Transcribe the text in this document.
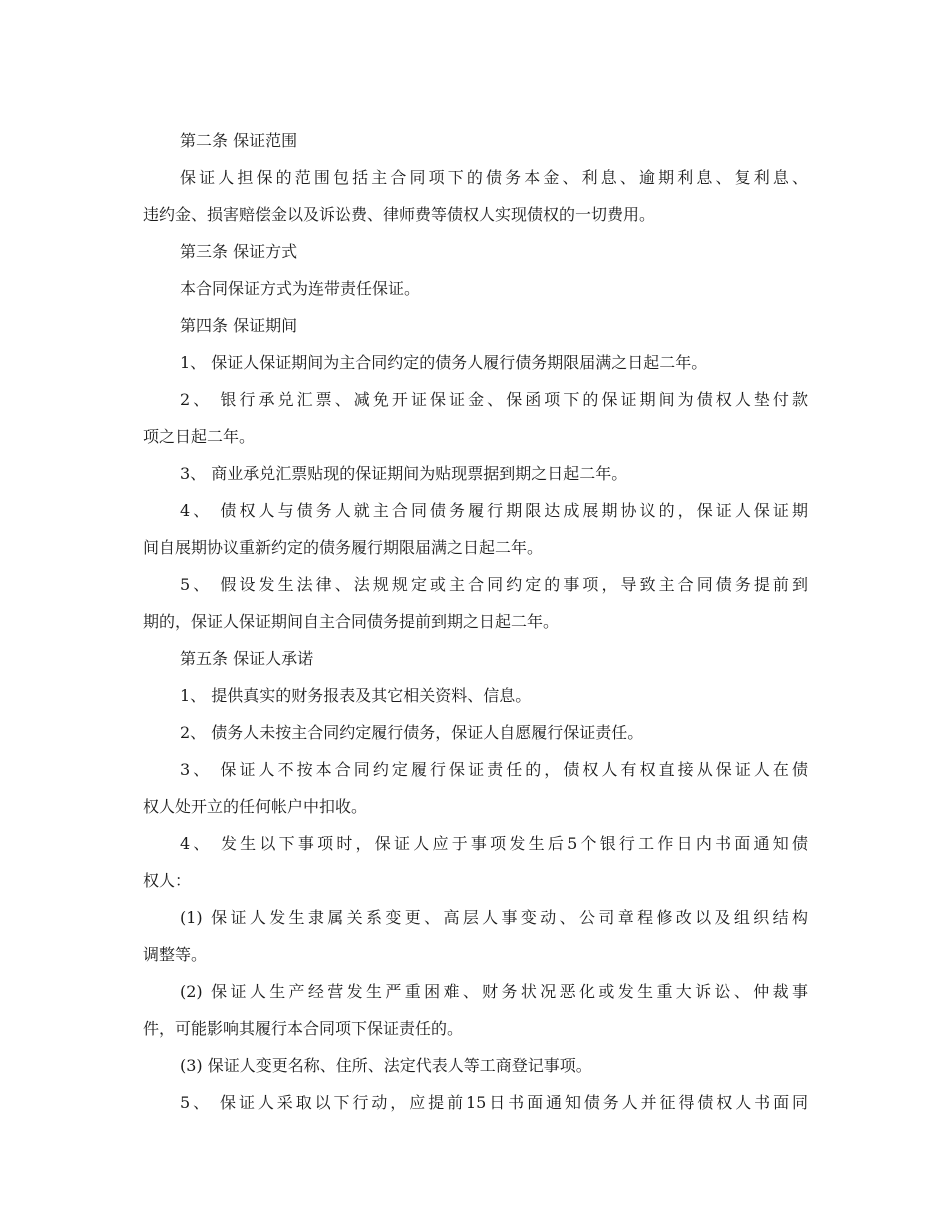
第二条 保证范围
保证人担保的范围包括主合同项下的债务本金、利息、逾期利息、复利息、
违约金、损害赔偿金以及诉讼费、律师费等债权人实现债权的一切费用。
第三条 保证方式
本合同保证方式为连带责任保证。
第四条 保证期间
1、 保证人保证期间为主合同约定的债务人履行债务期限届满之日起二年。
2、 银行承兑汇票、减免开证保证金、保函项下的保证期间为债权人垫付款
项之日起二年。
3、 商业承兑汇票贴现的保证期间为贴现票据到期之日起二年。
4、 债权人与债务人就主合同债务履行期限达成展期协议的，保证人保证期
间自展期协议重新约定的债务履行期限届满之日起二年。
5、 假设发生法律、法规规定或主合同约定的事项，导致主合同债务提前到
期的，保证人保证期间自主合同债务提前到期之日起二年。
第五条 保证人承诺
1、 提供真实的财务报表及其它相关资料、信息。
2、 债务人未按主合同约定履行债务，保证人自愿履行保证责任。
3、 保证人不按本合同约定履行保证责任的，债权人有权直接从保证人在债
权人处开立的任何帐户中扣收。
4、 发生以下事项时，保证人应于事项发生后5个银行工作日内书面通知债
权人：
(1) 保证人发生隶属关系变更、高层人事变动、公司章程修改以及组织结构
调整等。
(2) 保证人生产经营发生严重困难、财务状况恶化或发生重大诉讼、仲裁事
件，可能影响其履行本合同项下保证责任的。
(3) 保证人变更名称、住所、法定代表人等工商登记事项。
5、 保证人采取以下行动，应提前15日书面通知债务人并征得债权人书面同
